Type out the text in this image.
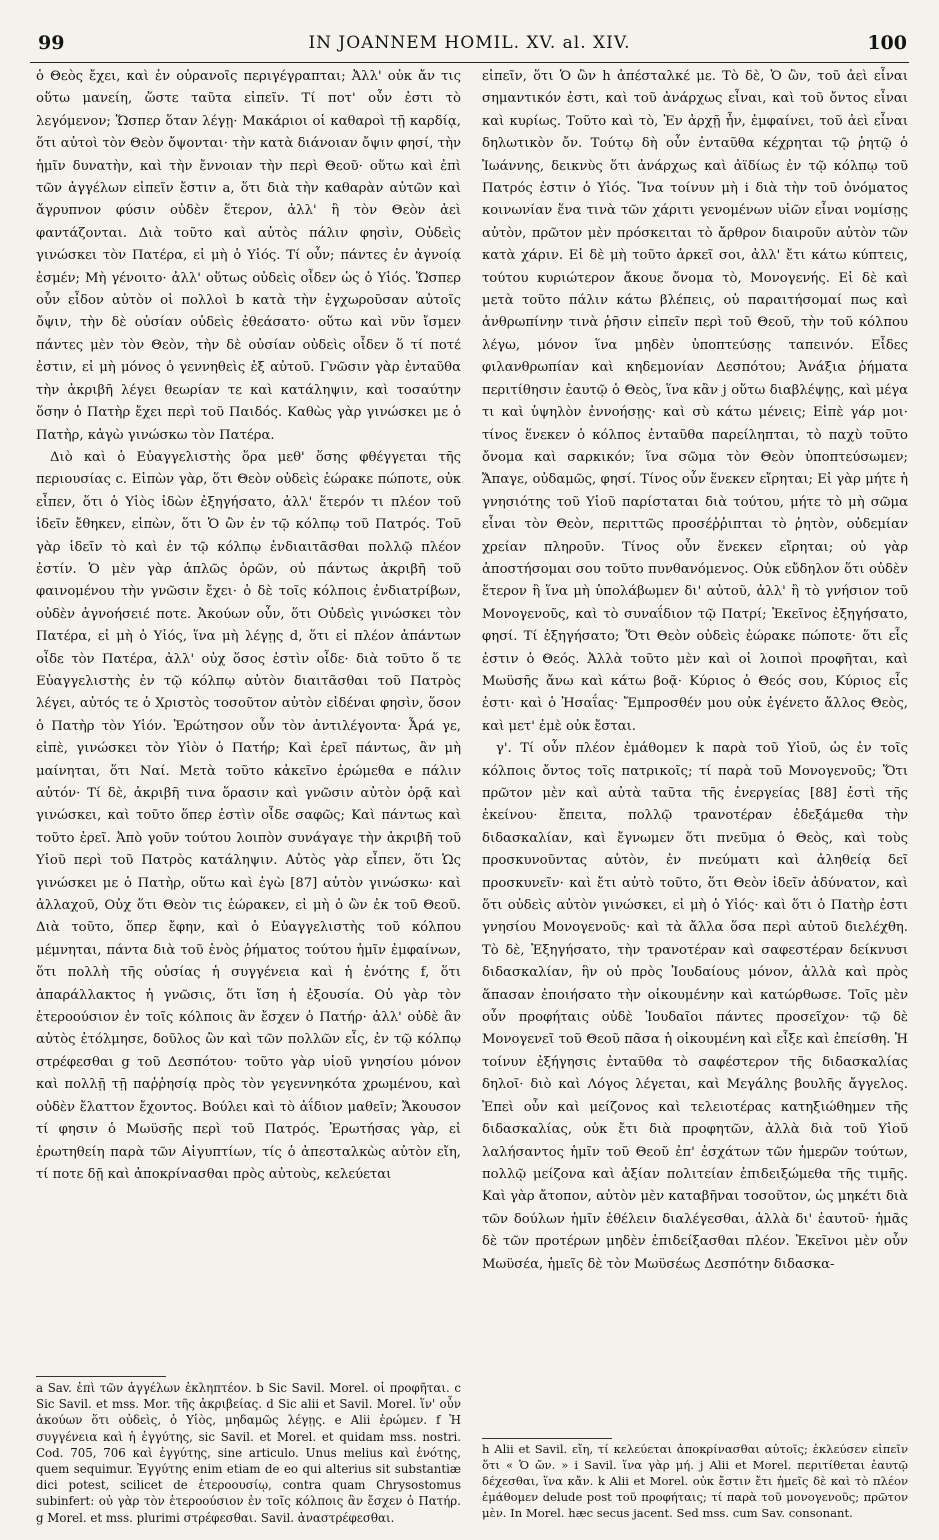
99	IN JOANNEM HOMIL. XV. al. XIV.	100

ὁ Θεὸς ἔχει, καὶ ἐν οὐρανοῖς περιγέγραπται; Ἀλλ' οὐκ ἄν τις οὕτω μανείη, ὥστε ταῦτα εἰπεῖν. Τί ποτ' οὖν ἐστι τὸ λεγόμενον; Ὥσπερ ὅταν λέγῃ· Μακάριοι οἱ καθαροὶ τῇ καρδίᾳ, ὅτι αὐτοὶ τὸν Θεὸν ὄψονται· τὴν κατὰ διάνοιαν ὄψιν φησί, τὴν ἡμῖν δυνατὴν, καὶ τὴν ἔννοιαν τὴν περὶ Θεοῦ· οὕτω καὶ ἐπὶ τῶν ἀγγέλων εἰπεῖν ἔστιν a, ὅτι διὰ τὴν καθαρὰν αὐτῶν καὶ ἄγρυπνον φύσιν οὐδὲν ἕτερον, ἀλλ' ἢ τὸν Θεὸν ἀεὶ φαντάζονται. Διὰ τοῦτο καὶ αὐτὸς πάλιν φησὶν, Οὐδεὶς γινώσκει τὸν Πατέρα, εἰ μὴ ὁ Υἱός. Τί οὖν; πάντες ἐν ἀγνοίᾳ ἐσμέν; Μὴ γένοιτο· ἀλλ' οὕτως οὐδεὶς οἶδεν ὡς ὁ Υἱός. Ὥσπερ οὖν εἶδον αὐτὸν οἱ πολλοὶ b κατὰ τὴν ἐγχωροῦσαν αὐτοῖς ὄψιν, τὴν δὲ οὐσίαν οὐδεὶς ἐθεάσατο· οὕτω καὶ νῦν ἴσμεν πάντες μὲν τὸν Θεὸν, τὴν δὲ οὐσίαν οὐδεὶς οἶδεν ὅ τί ποτέ ἐστιν, εἰ μὴ μόνος ὁ γεννηθεὶς ἐξ αὐτοῦ. Γνῶσιν γὰρ ἐνταῦθα τὴν ἀκριβῆ λέγει θεωρίαν τε καὶ κατάληψιν, καὶ τοσαύτην ὅσην ὁ Πατὴρ ἔχει περὶ τοῦ Παιδός. Καθὼς γὰρ γινώσκει με ὁ Πατὴρ, κἀγὼ γινώσκω τὸν Πατέρα.

Διὸ καὶ ὁ Εὐαγγελιστὴς ὅρα μεθ' ὅσης φθέγγεται τῆς περιουσίας c. Εἰπὼν γὰρ, ὅτι Θεὸν οὐδεὶς ἑώρακε πώποτε, οὐκ εἶπεν, ὅτι ὁ Υἱὸς ἰδὼν ἐξηγήσατο, ἀλλ' ἕτερόν τι πλέον τοῦ ἰδεῖν ἔθηκεν, εἰπὼν, ὅτι Ὁ ὢν ἐν τῷ κόλπῳ τοῦ Πατρός. Τοῦ γὰρ ἰδεῖν τὸ καὶ ἐν τῷ κόλπῳ ἐνδιαιτᾶσθαι πολλῷ πλέον ἐστίν. Ὁ μὲν γὰρ ἁπλῶς ὁρῶν, οὐ πάντως ἀκριβῆ τοῦ φαινομένου τὴν γνῶσιν ἔχει· ὁ δὲ τοῖς κόλποις ἐνδιατρίβων, οὐδὲν ἀγνοήσειέ ποτε. Ἀκούων οὖν, ὅτι Οὐδεὶς γινώσκει τὸν Πατέρα, εἰ μὴ ὁ Υἱός, ἵνα μὴ λέγῃς d, ὅτι εἰ πλέον ἁπάντων οἶδε τὸν Πατέρα, ἀλλ' οὐχ ὅσος ἐστὶν οἶδε· διὰ τοῦτο ὅ τε Εὐαγγελιστὴς ἐν τῷ κόλπῳ αὐτὸν διαιτᾶσθαι τοῦ Πατρὸς λέγει, αὐτός τε ὁ Χριστὸς τοσοῦτον αὐτὸν εἰδέναι φησὶν, ὅσον ὁ Πατὴρ τὸν Υἱόν. Ἐρώτησον οὖν τὸν ἀντιλέγοντα· Ἆρά γε, εἰπὲ, γινώσκει τὸν Υἱὸν ὁ Πατήρ; Καὶ ἐρεῖ πάντως, ἂν μὴ μαίνηται, ὅτι Ναί. Μετὰ τοῦτο κἀκεῖνο ἐρώμεθα e πάλιν αὐτόν· Τί δὲ, ἀκριβῆ τινα ὅρασιν καὶ γνῶσιν αὐτὸν ὁρᾷ καὶ γινώσκει, καὶ τοῦτο ὅπερ ἐστὶν οἶδε σαφῶς; Καὶ πάντως καὶ τοῦτο ἐρεῖ. Ἀπὸ γοῦν τούτου λοιπὸν συνάγαγε τὴν ἀκριβῆ τοῦ Υἱοῦ περὶ τοῦ Πατρὸς κατάληψιν. Αὐτὸς γὰρ εἶπεν, ὅτι Ὡς γινώσκει με ὁ Πατὴρ, οὕτω καὶ ἐγὼ [87] αὐτὸν γινώσκω· καὶ ἀλλαχοῦ, Οὐχ ὅτι Θεὸν τις ἑώρακεν, εἰ μὴ ὁ ὢν ἐκ τοῦ Θεοῦ. Διὰ τοῦτο, ὅπερ ἔφην, καὶ ὁ Εὐαγγελιστὴς τοῦ κόλπου μέμνηται, πάντα διὰ τοῦ ἑνὸς ῥήματος τούτου ἡμῖν ἐμφαίνων, ὅτι πολλὴ τῆς οὐσίας ἡ συγγένεια καὶ ἡ ἑνότης f, ὅτι ἀπαράλλακτος ἡ γνῶσις, ὅτι ἴση ἡ ἐξουσία. Οὐ γὰρ τὸν ἑτεροούσιον ἐν τοῖς κόλποις ἂν ἔσχεν ὁ Πατήρ· ἀλλ' οὐδὲ ἂν αὐτὸς ἐτόλμησε, δοῦλος ὢν καὶ τῶν πολλῶν εἷς, ἐν τῷ κόλπῳ στρέφεσθαι g τοῦ Δεσπότου· τοῦτο γὰρ υἱοῦ γνησίου μόνον καὶ πολλῇ τῇ παῤῥησίᾳ πρὸς τὸν γεγεννηκότα χρωμένου, καὶ οὐδὲν ἔλαττον ἔχοντος. Βούλει καὶ τὸ ἀΐδιον μαθεῖν; Ἄκουσον τί φησιν ὁ Μωϋσῆς περὶ τοῦ Πατρός. Ἐρωτήσας γὰρ, εἰ ἐρωτηθείη παρὰ τῶν Αἰγυπτίων, τίς ὁ ἀπεσταλκὼς αὐτὸν εἴη, τί ποτε δῇ καὶ ἀποκρίνασθαι πρὸς αὐτοὺς, κελεύεται

εἰπεῖν, ὅτι Ὁ ὢν h ἀπέσταλκέ με. Τὸ δὲ, Ὁ ὢν, τοῦ ἀεὶ εἶναι σημαντικόν ἐστι, καὶ τοῦ ἀνάρχως εἶναι, καὶ τοῦ ὄντος εἶναι καὶ κυρίως. Τοῦτο καὶ τὸ, Ἐν ἀρχῇ ἦν, ἐμφαίνει, τοῦ ἀεὶ εἶναι δηλωτικὸν ὄν. Τούτῳ δὴ οὖν ἐνταῦθα κέχρηται τῷ ῥητῷ ὁ Ἰωάννης, δεικνὺς ὅτι ἀνάρχως καὶ ἀϊδίως ἐν τῷ κόλπῳ τοῦ Πατρός ἐστιν ὁ Υἱός. Ἵνα τοίνυν μὴ i διὰ τὴν τοῦ ὀνόματος κοινωνίαν ἕνα τινὰ τῶν χάριτι γενομένων υἱῶν εἶναι νομίσῃς αὐτὸν, πρῶτον μὲν πρόσκειται τὸ ἄρθρον διαιροῦν αὐτὸν τῶν κατὰ χάριν. Εἰ δὲ μὴ τοῦτο ἀρκεῖ σοι, ἀλλ' ἔτι κάτω κύπτεις, τούτου κυριώτερον ἄκουε ὄνομα τὸ, Μονογενής. Εἰ δὲ καὶ μετὰ τοῦτο πάλιν κάτω βλέπεις, οὐ παραιτήσομαί πως καὶ ἀνθρωπίνην τινὰ ῥῆσιν εἰπεῖν περὶ τοῦ Θεοῦ, τὴν τοῦ κόλπου λέγω, μόνον ἵνα μηδὲν ὑποπτεύσῃς ταπεινόν. Εἶδες φιλανθρωπίαν καὶ κηδεμονίαν Δεσπότου; Ἀνάξια ῥήματα περιτίθησιν ἑαυτῷ ὁ Θεὸς, ἵνα κἂν j οὕτω διαβλέψῃς, καὶ μέγα τι καὶ ὑψηλὸν ἐννοήσῃς· καὶ σὺ κάτω μένεις; Εἰπὲ γάρ μοι· τίνος ἕνεκεν ὁ κόλπος ἐνταῦθα παρείληπται, τὸ παχὺ τοῦτο ὄνομα καὶ σαρκικόν; ἵνα σῶμα τὸν Θεὸν ὑποπτεύσωμεν; Ἄπαγε, οὐδαμῶς, φησί. Τίνος οὖν ἕνεκεν εἴρηται; Εἰ γὰρ μήτε ἡ γνησιότης τοῦ Υἱοῦ παρίσταται διὰ τούτου, μήτε τὸ μὴ σῶμα εἶναι τὸν Θεὸν, περιττῶς προσέῤῥιπται τὸ ῥητὸν, οὐδεμίαν χρείαν πληροῦν. Τίνος οὖν ἕνεκεν εἴρηται; οὐ γὰρ ἀποστήσομαι σου τοῦτο πυνθανόμενος. Οὐκ εὔδηλον ὅτι οὐδὲν ἕτερον ἢ ἵνα μὴ ὑπολάβωμεν δι' αὐτοῦ, ἀλλ' ἢ τὸ γνήσιον τοῦ Μονογενοῦς, καὶ τὸ συναΐδιον τῷ Πατρί; Ἐκεῖνος ἐξηγήσατο, φησί. Τί ἐξηγήσατο; Ὅτι Θεὸν οὐδεὶς ἑώρακε πώποτε· ὅτι εἷς ἐστιν ὁ Θεός. Ἀλλὰ τοῦτο μὲν καὶ οἱ λοιποὶ προφῆται, καὶ Μωϋσῆς ἄνω καὶ κάτω βοᾷ· Κύριος ὁ Θεός σου, Κύριος εἷς ἐστι· καὶ ὁ Ἠσαΐας· Ἔμπροσθέν μου οὐκ ἐγένετο ἄλλος Θεὸς, καὶ μετ' ἐμὲ οὐκ ἔσται.

γ'. Τί οὖν πλέον ἐμάθομεν k παρὰ τοῦ Υἱοῦ, ὡς ἐν τοῖς κόλποις ὄντος τοῖς πατρικοῖς; τί παρὰ τοῦ Μονογενοῦς; Ὅτι πρῶτον μὲν καὶ αὐτὰ ταῦτα τῆς ἐνεργείας [88] ἐστὶ τῆς ἐκείνου· ἔπειτα, πολλῷ τρανοτέραν ἐδεξάμεθα τὴν διδασκαλίαν, καὶ ἔγνωμεν ὅτι πνεῦμα ὁ Θεὸς, καὶ τοὺς προσκυνοῦντας αὐτὸν, ἐν πνεύματι καὶ ἀληθείᾳ δεῖ προσκυνεῖν· καὶ ἔτι αὐτὸ τοῦτο, ὅτι Θεὸν ἰδεῖν ἀδύνατον, καὶ ὅτι οὐδεὶς αὐτὸν γινώσκει, εἰ μὴ ὁ Υἱός· καὶ ὅτι ὁ Πατὴρ ἐστι γνησίου Μονογενοῦς· καὶ τὰ ἄλλα ὅσα περὶ αὐτοῦ διελέχθη. Τὸ δὲ, Ἐξηγήσατο, τὴν τρανοτέραν καὶ σαφεστέραν δείκνυσι διδασκαλίαν, ἣν οὐ πρὸς Ἰουδαίους μόνον, ἀλλὰ καὶ πρὸς ἅπασαν ἐποιήσατο τὴν οἰκουμένην καὶ κατώρθωσε. Τοῖς μὲν οὖν προφήταις οὐδὲ Ἰουδαῖοι πάντες προσεῖχον· τῷ δὲ Μονογενεῖ τοῦ Θεοῦ πᾶσα ἡ οἰκουμένη καὶ εἶξε καὶ ἐπείσθη. Ἡ τοίνυν ἐξήγησις ἐνταῦθα τὸ σαφέστερον τῆς διδασκαλίας δηλοῖ· διὸ καὶ Λόγος λέγεται, καὶ Μεγάλης βουλῆς ἄγγελος. Ἐπεὶ οὖν καὶ μείζονος καὶ τελειοτέρας κατηξιώθημεν τῆς διδασκαλίας, οὐκ ἔτι διὰ προφητῶν, ἀλλὰ διὰ τοῦ Υἱοῦ λαλήσαντος ἡμῖν τοῦ Θεοῦ ἐπ' ἐσχάτων τῶν ἡμερῶν τούτων, πολλῷ μείζονα καὶ ἀξίαν πολιτείαν ἐπιδειξώμεθα τῆς τιμῆς. Καὶ γὰρ ἄτοπον, αὐτὸν μὲν καταβῆναι τοσοῦτον, ὡς μηκέτι διὰ τῶν δούλων ἡμῖν ἐθέλειν διαλέγεσθαι, ἀλλὰ δι' ἑαυτοῦ· ἡμᾶς δὲ τῶν προτέρων μηδὲν ἐπιδείξασθαι πλέον. Ἐκεῖνοι μὲν οὖν Μωϋσέα, ἡμεῖς δὲ τὸν Μωϋσέως Δεσπότην διδασκα-

a Sav. ἐπὶ τῶν ἀγγέλων ἐκληπτέον. b Sic Savil. Morel. οἱ προφῆται. c Sic Savil. et mss. Mor. τῆς ἀκριβείας. d Sic alii et Savil. Morel. ἵν' οὖν ἀκούων ὅτι οὐδεὶς, ὁ Υἱὸς, μηδαμῶς λέγῃς. e Alii ἐρώμεν. f Ἡ συγγένεια καὶ ἡ ἐγγύτης, sic Savil. et Morel. et quidam mss. nostri. Cod. 705, 706 καὶ ἐγγύτης, sine articulo. Unus melius καὶ ἑνότης, quem sequimur. Ἐγγύτης enim etiam de eo qui alterius sit substantiæ dici potest, scilicet de ἑτεροουσίῳ, contra quam Chrysostomus subinfert: οὐ γὰρ τὸν ἑτεροούσιον ἐν τοῖς κόλποις ἂν ἔσχεν ὁ Πατήρ. g Morel. et mss. plurimi στρέφεσθαι. Savil. ἀναστρέφεσθαι.

h Alii et Savil. εἴη, τί κελεύεται ἀποκρίνασθαι αὐτοῖς; ἐκλεύσεν εἰπεῖν ὅτι « Ὁ ὤν. » i Savil. ἵνα γὰρ μή. j Alii et Morel. περιτίθεται ἑαυτῷ δέχεσθαι, ἵνα κἄν. k Alii et Morel. οὐκ ἔστιν ἔτι ἡμεῖς δὲ καὶ τὸ πλέον ἐμάθομεν delude post τοῦ προφήταις; τί παρὰ τοῦ μονογενοῦς; πρῶτον μὲν. In Morel. hæc secus jacent. Sed mss. cum Sav. consonant.
